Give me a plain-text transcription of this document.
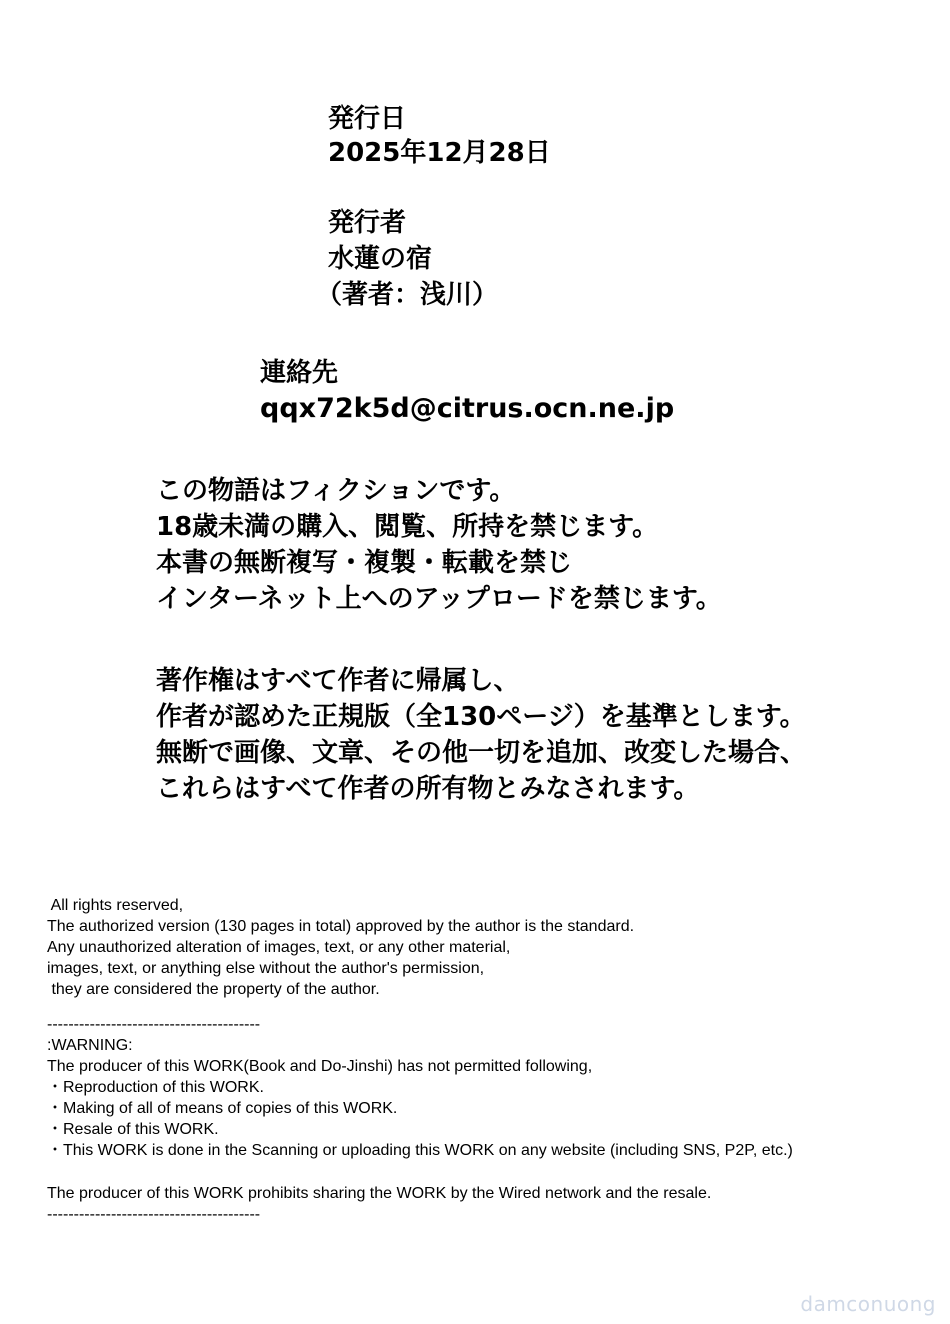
発行日
2025年12月28日
発行者
水蓮の宿
（著者：浅川）
連絡先
qqx72k5d@citrus.ocn.ne.jp
この物語はフィクションです。
18歳未満の購入、閲覧、所持を禁じます。
本書の無断複写・複製・転載を禁じ
インターネット上へのアップロードを禁じます。
著作権はすべて作者に帰属し、
作者が認めた正規版（全130ページ）を基準とします。
無断で画像、文章、その他一切を追加、改変した場合、
これらはすべて作者の所有物とみなされます。
All rights reserved,
The authorized version (130 pages in total) approved by the author is the standard.
Any unauthorized alteration of images, text, or any other material,
images, text, or anything else without the author's permission,
they are considered the property of the author.
----------------------------------------
:WARNING:
The producer of this WORK(Book and Do-Jinshi) has not permitted following,
・Reproduction of this WORK.
・Making of all of means of copies of this WORK.
・Resale of this WORK.
・This WORK is done in the Scanning or uploading this WORK on any website (including SNS, P2P, etc.)
The producer of this WORK prohibits sharing the WORK by the Wired network and the resale.
----------------------------------------
damconuong
